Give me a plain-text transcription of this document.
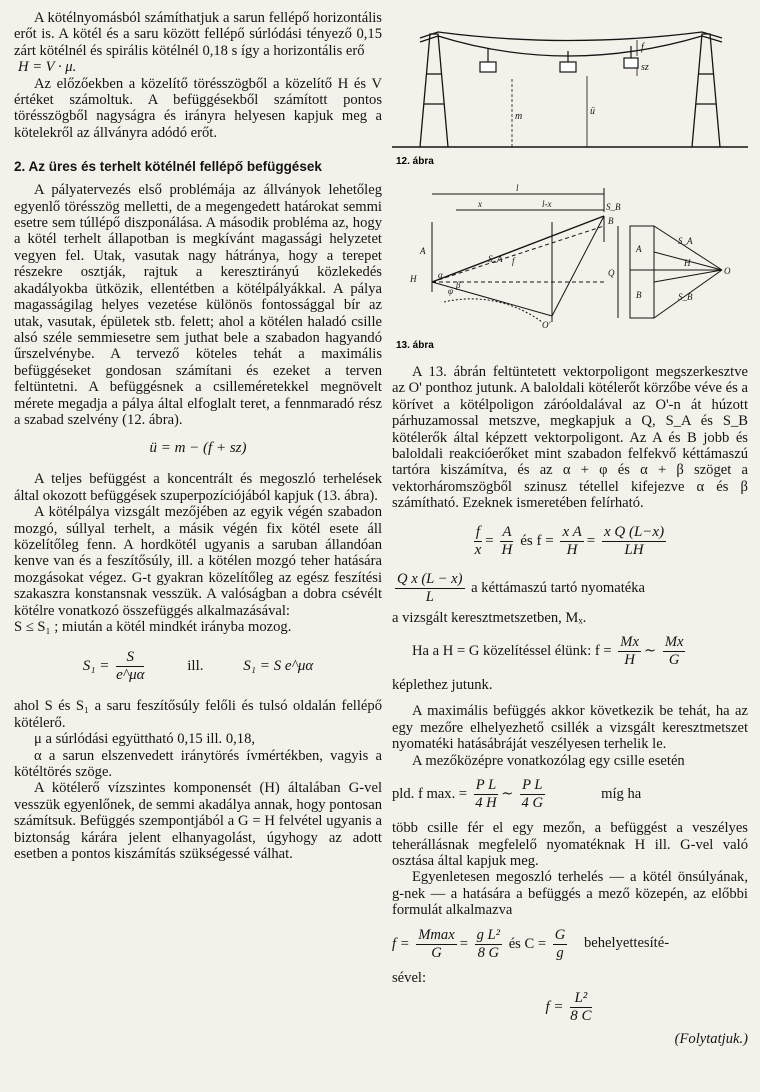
A kötélnyomásból számíthatjuk a sarun fellépő horizontális erőt is. A kötél és a saru között fellépő súrlódási tényező 0,15 zárt kötélnél és spirális kötélnél 0,18 s így a horizontális erő

H = V · μ.

Az előzőekben a közelítő törésszögből a közelítő H és V értéket számoltuk. A befüggésekből számított pontos törésszögből nagyságra és irányra helyesen kapjuk meg a kötelekről az állványra adódó erőt.

2. Az üres és terhelt kötélnél fellépő befüggések

A pályatervezés első problémája az állványok lehetőleg egyenlő törésszög melletti, de a megengedett határokat semmi esetre sem túllépő diszponálása. A második probléma az, hogy a kötél terhelt állapotban is megkívánt magassági helyzetet vegyen fel. Utak, vasutak nagy hátránya, hogy a terepet részekre osztják, rajtuk a keresztirányú közlekedés akadályokba ütközik, ellentétben a kötélpályákkal. A pálya magasságilag helyes vezetése különös fontossággal bír az utak, vasutak, épületek stb. felett; ahol a kötélen haladó csille alsó széle semmiesetre sem juthat bele a szabadon hagyandó űrszelvénybe. A tervező köteles tehát a maximális befüggéseket gondosan számítani és ezeket a terven feltüntetni. A befüggésnek a csilleméretekkel megnövelt mérete megadja a pálya által elfoglalt teret, a fennmaradó rész a szabad szelvény (12. ábra).

ü = m − (f + sz)

A teljes befüggést a koncentrált és megoszló terhelések által okozott befüggések szuperpozíciójából kapjuk (13. ábra).

A kötélpálya vizsgált mezőjében az egyik végén szabadon mozgó, súllyal terhelt, a másik végén fix kötél esete áll közelítőleg fenn. A hordkötél ugyanis a saruban állandóan kenve van és a feszítősúly, ill. a kötélen mozgó teher hatására mozgásokat végez. G-t gyakran közelítőleg az egész feszítési szakaszra konstansnak vesszük. A valóságban a dobra csévélt kötélre vonatkozó összefüggés alkalmazásával:

S ≤ S₁ ; miután a kötél mindkét irányba mozog.

$S_1 = \frac{S}{e\^{}\mu\alpha}$	ill.	S₁ = S e^μα

ahol S és S₁ a saru feszítősúly felőli és tulsó oldalán fellépő kötélerő.

μ a súrlódási együttható 0,15 ill. 0,18,

α a sarun elszenvedett iránytörés ívmértékben, vagyis a kötéltörés szöge.

A kötélerő vízszintes komponensét (H) általában G-vel vesszük egyenlőnek, de semmi akadálya annak, hogy pontosan számítsuk. Befüggés szempontjából a G = H felvétel ugyanis a biztonság kárára jelent elhanyagolást, úgyhogy az adott esetben a pontos kiszámítás szükségessé válhat.

f
sz
ü
m
12. ábra
l
x	l-x	S_B
A
B
H
S_A
O'
f
α
φ
β
Q
H
O
S_A
S_B
A
B
13. ábra

A 13. ábrán feltüntetett vektorpoligont megszerkesztve az O' ponthoz jutunk. A baloldali kötélerőt körzőbe véve és a körívet a kötélpoligon záróoldalával az O'-n át húzott párhuzamossal metszve, megkapjuk a Q, S_A és S_B kötélerők által képzett vektorpoligont. Az A és B jobb és baloldali reakcióerőket mint szabadon felfekvő kéttámaszú tartóra kiszámítva, és az α + φ és α + β szöget a vektorháromszögből szinusz tétellel kifejezve α és β számítható. Ezeknek ismeretében felírható.

$\frac{f}{x} = \frac{A}{H}$ és $f = \frac{\text{x A}}{H} = \frac{\text{x Q (L−x)}}{LH}$
$\frac{\text{Q x (L − x)}}{L}$ a kéttámaszú tartó nyomatéka

a vizsgált keresztmetszetben, Mₓ.

Ha a H = G közelítéssel élünk: $f = \frac{Mx}{H}$ ∼ $\frac{Mx}{G}$

képlethez jutunk.

A maximális befüggés akkor következik be tehát, ha az egy mezőre elhelyezhető csillék a vizsgált keresztmetszet nyomatéki hatásábráját veszélyesen terhelik le.

A mezőközépre vonatkozólag egy csille esetén

pld. f max. = $\frac{\text{P L}}{4 H}$ ∼ $\frac{\text{P L}}{4 G}$	míg ha

több csille fér el egy mezőn, a befüggést a veszélyes teherállásnak megfelelő nyomatéknak H ill. G-vel való osztása által kapjuk meg.

Egyenletesen megoszló terhelés — a kötél önsúlyának, g-nek — a hatására a befüggés a mező közepén, az előbbi formulát alkalmazva

$f = \frac{Mmax}{G} = \frac{\text{g L²}}{8 G}$ és $C = \frac{G}{g}$ behelyettesíté-

sével:

$f = \frac{\text{L²}}{8 C}$

(Folytatjuk.)
